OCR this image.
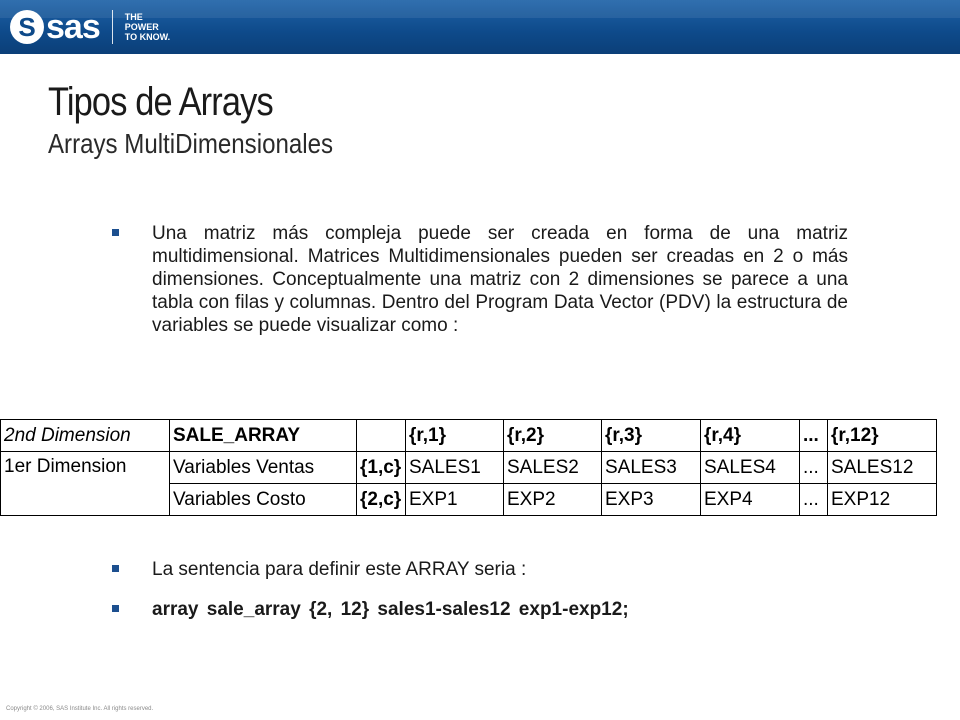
S sas	THE
POWER
TO KNOW.
Tipos de Arrays
Arrays MultiDimensionales
Una matriz más compleja puede ser creada en forma de una matriz multidimensional. Matrices Multidimensionales pueden ser creadas en 2 o más dimensiones. Conceptualmente una matriz con 2 dimensiones se parece a una tabla con filas y columnas. Dentro del Program Data Vector (PDV) la estructura de variables se puede visualizar como :
2nd Dimension	SALE_ARRAY		{r,1}	{r,2}	{r,3}	{r,4}	...	{r,12}
1er Dimension	Variables Ventas	{1,c}	SALES1	SALES2	SALES3	SALES4	...	SALES12
	Variables Costo	{2,c}	EXP1	EXP2	EXP3	EXP4	...	EXP12
La sentencia para definir este ARRAY seria :
array sale_array {2, 12} sales1-sales12 exp1-exp12;
Copyright © 2006, SAS Institute Inc. All rights reserved.
